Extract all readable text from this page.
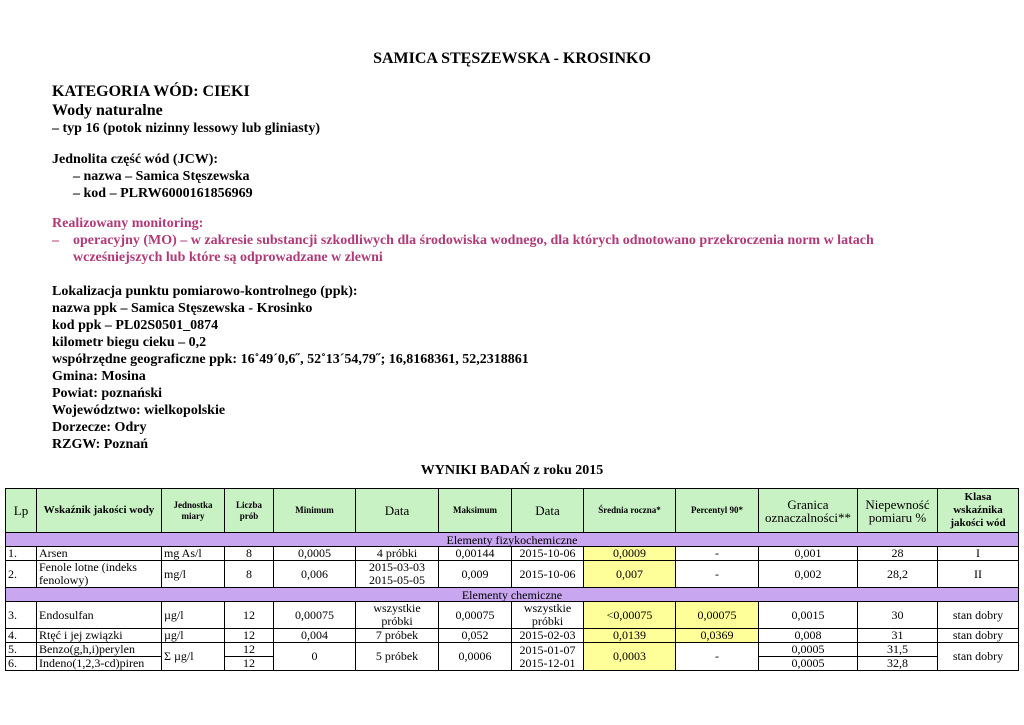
SAMICA STĘSZEWSKA - KROSINKO
KATEGORIA WÓD: CIEKI
Wody naturalne
– typ 16 (potok nizinny lessowy lub gliniasty)
Jednolita część wód (JCW):
– nazwa – Samica Stęszewska
– kod – PLRW6000161856969
Realizowany monitoring:
–	operacyjny (MO) – w zakresie substancji szkodliwych dla środowiska wodnego, dla których odnotowano przekroczenia norm w latach
wcześniejszych lub które są odprowadzane w zlewni
Lokalizacja punktu pomiarowo-kontrolnego (ppk):
nazwa ppk – Samica Stęszewska - Krosinko
kod ppk – PL02S0501_0874
kilometr biegu cieku – 0,2
współrzędne geograficzne ppk: 16˚49´0,6˝, 52˚13´54,79˝; 16,8168361, 52,2318861
Gmina: Mosina
Powiat: poznański
Województwo: wielkopolskie
Dorzecze: Odry
RZGW: Poznań
WYNIKI BADAŃ z roku 2015
Lp	Wskaźnik jakości wody	Jednostka miary	Liczba prób	Minimum	Data	Maksimum	Data	Średnia roczna*	Percentyl 90*	Granica oznaczalności**	Niepewność pomiaru %	Klasa wskaźnika jakości wód
Elementy fizykochemiczne												
1.	Arsen	mg As/l	8	0,0005	4 próbki	0,00144	2015-10-06	0,0009	-	0,001	28	I
2.	Fenole lotne (indeks fenolowy)	mg/l	8	0,006	2015-03-03
2015-05-05	0,009	2015-10-06	0,007	-	0,002	28,2	II
Elementy chemiczne												
3.	Endosulfan	µg/l	12	0,00075	wszystkie próbki	0,00075	wszystkie próbki	<0,00075	0,00075	0,0015	30	stan dobry
4.	Rtęć i jej związki	µg/l	12	0,004	7 próbek	0,052	2015-02-03	0,0139	0,0369	0,008	31	stan dobry
5.	Benzo(g,h,i)perylen	Σ µg/l	12	0	5 próbek	0,0006	2015-01-07
2015-12-01	0,0003	-	0,0005	31,5	stan dobry
6.	Indeno(1,2,3-cd)piren		12							0,0005	32,8	
